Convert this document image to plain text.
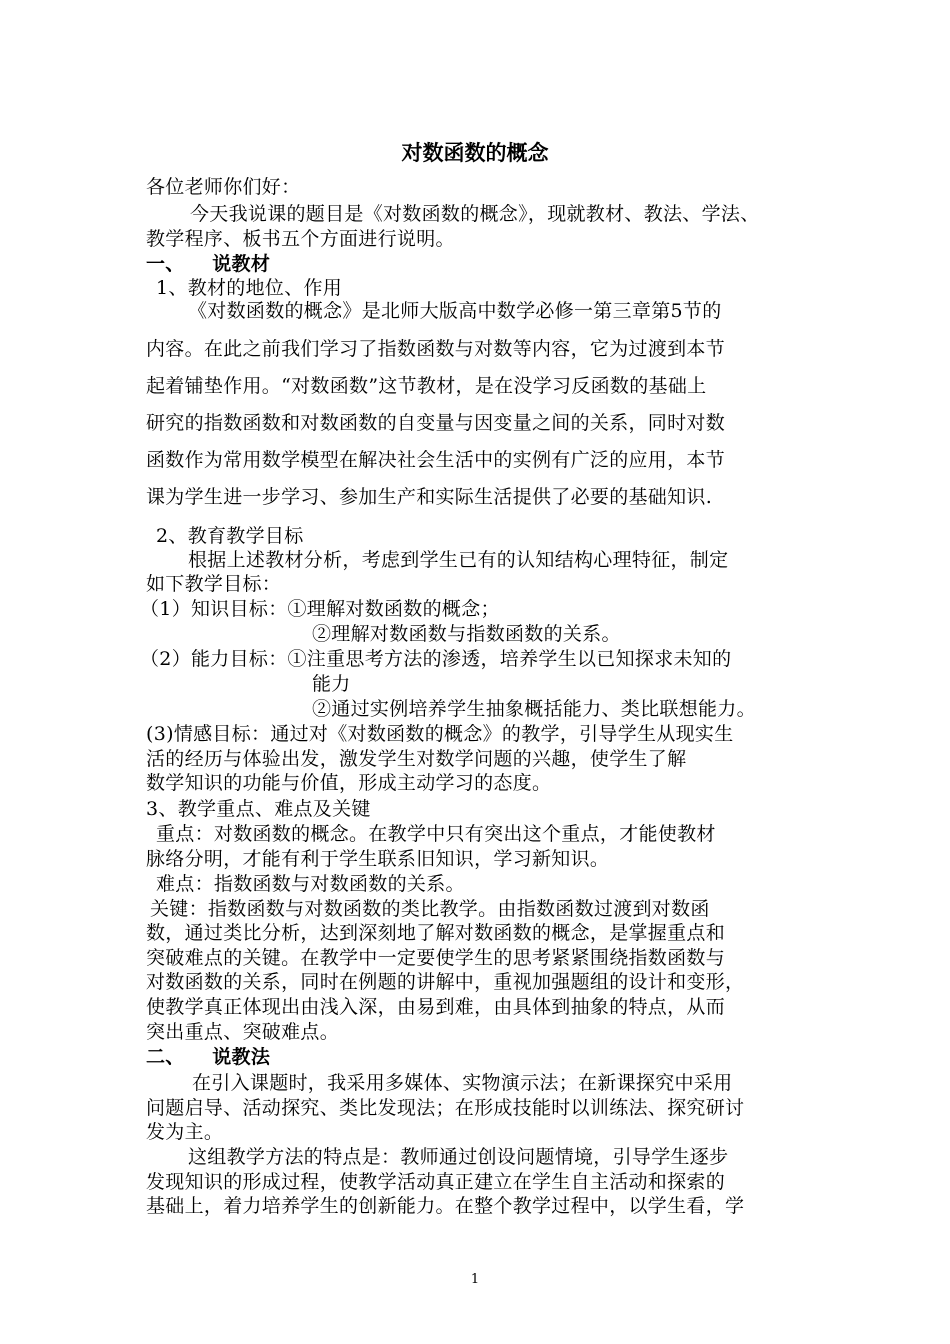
对数函数的概念
各位老师你们好：
今天我说课的题目是《对数函数的概念》，现就教材、教法、学法、
教学程序、板书五个方面进行说明。
一、    说教材
1、教材的地位、作用
《对数函数的概念》是北师大版高中数学必修一第三章第5节的
内容。在此之前我们学习了指数函数与对数等内容，它为过渡到本节
起着铺垫作用。“对数函数”这节教材，是在没学习反函数的基础上
研究的指数函数和对数函数的自变量与因变量之间的关系，同时对数
函数作为常用数学模型在解决社会生活中的实例有广泛的应用，本节
课为学生进一步学习、参加生产和实际生活提供了必要的基础知识.
2、教育教学目标
根据上述教材分析，考虑到学生已有的认知结构心理特征，制定
如下教学目标：
（1）知识目标：①理解对数函数的概念；
②理解对数函数与指数函数的关系。
（2）能力目标：①注重思考方法的渗透，培养学生以已知探求未知的
能力
②通过实例培养学生抽象概括能力、类比联想能力。
(3)情感目标：通过对《对数函数的概念》的教学，引导学生从现实生
活的经历与体验出发，激发学生对数学问题的兴趣，使学生了解
数学知识的功能与价值，形成主动学习的态度。
3、教学重点、难点及关键
重点：对数函数的概念。在教学中只有突出这个重点，才能使教材
脉络分明，才能有利于学生联系旧知识，学习新知识。
难点：指数函数与对数函数的关系。
关键：指数函数与对数函数的类比教学。由指数函数过渡到对数函
数，通过类比分析，达到深刻地了解对数函数的概念，是掌握重点和
突破难点的关键。在教学中一定要使学生的思考紧紧围绕指数函数与
对数函数的关系，同时在例题的讲解中，重视加强题组的设计和变形，
使教学真正体现出由浅入深，由易到难，由具体到抽象的特点，从而
突出重点、突破难点。
二、    说教法
在引入课题时，我采用多媒体、实物演示法；在新课探究中采用
问题启导、活动探究、类比发现法；在形成技能时以训练法、探究研讨
发为主。
这组教学方法的特点是：教师通过创设问题情境，引导学生逐步
发现知识的形成过程，使教学活动真正建立在学生自主活动和探索的
基础上，着力培养学生的创新能力。在整个教学过程中，以学生看，学
1
